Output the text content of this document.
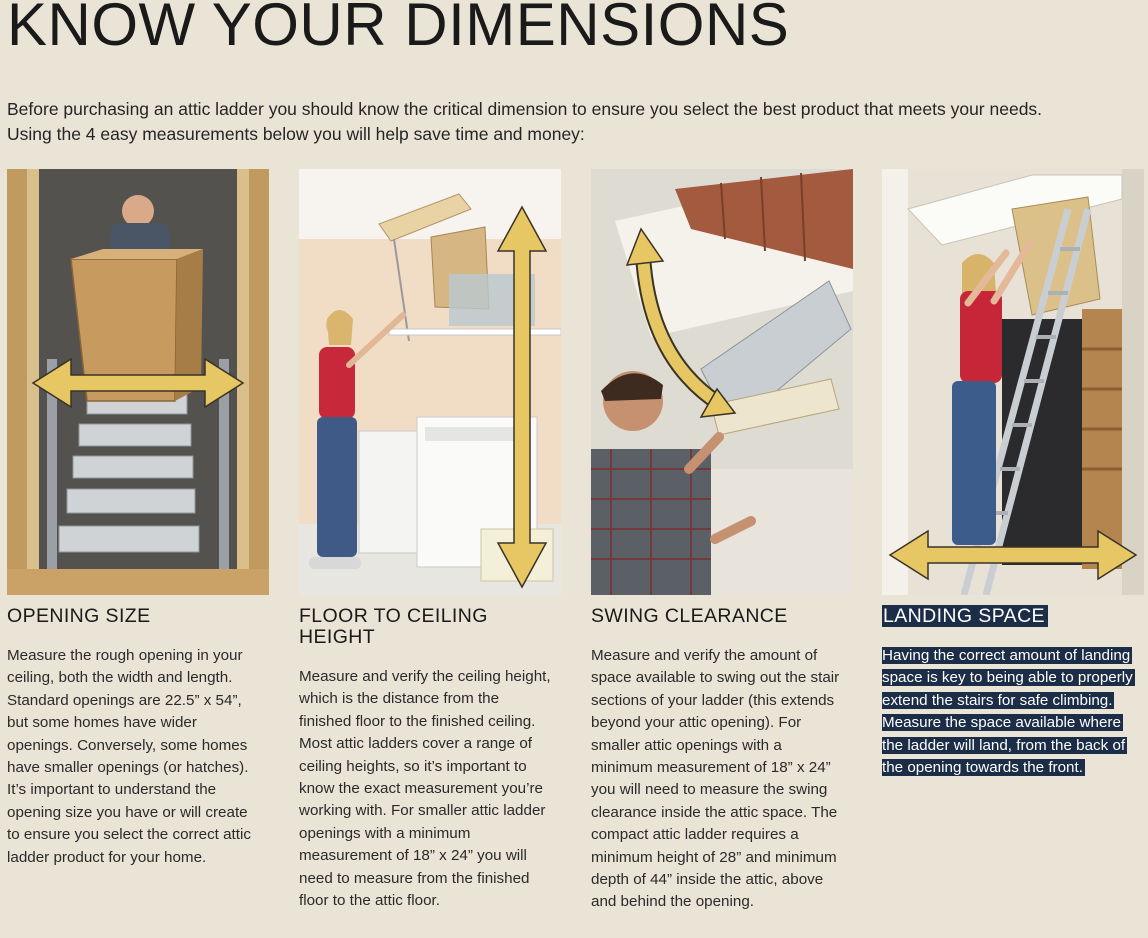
KNOW YOUR DIMENSIONS
Before purchasing an attic ladder you should know the critical dimension to ensure you select the best product that meets your needs.
Using the 4 easy measurements below you will help save time and money:
OPENING SIZE

Measure the rough opening in your
ceiling, both the width and length.
Standard openings are 22.5” x 54”,
but some homes have wider
openings. Conversely, some homes
have smaller openings (or hatches).
It’s important to understand the
opening size you have or will create
to ensure you select the correct attic
ladder product for your home.

FLOOR TO CEILING
HEIGHT

Measure and verify the ceiling height,
which is the distance from the
finished floor to the finished ceiling.
Most attic ladders cover a range of
ceiling heights, so it’s important to
know the exact measurement you’re
working with. For smaller attic ladder
openings with a minimum
measurement of 18” x 24” you will
need to measure from the finished
floor to the attic floor.

SWING CLEARANCE

Measure and verify the amount of
space available to swing out the stair
sections of your ladder (this extends
beyond your attic opening). For
smaller attic openings with a
minimum measurement of 18” x 24”
you will need to measure the swing
clearance inside the attic space. The
compact attic ladder requires a
minimum height of 28” and minimum
depth of 44” inside the attic, above
and behind the opening.

LANDING SPACE

Having the correct amount of landing
space is key to being able to properly
extend the stairs for safe climbing.
Measure the space available where
the ladder will land, from the back of
the opening towards the front.
